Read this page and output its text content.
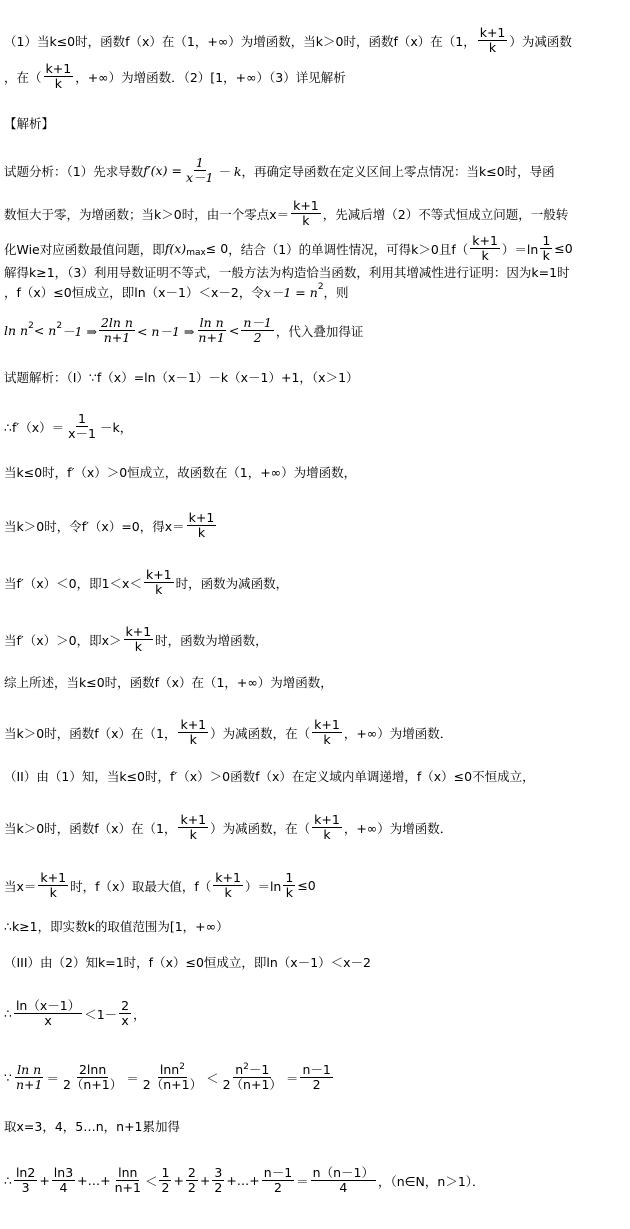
（1）当k≤0时，函数f（x）在（1，+∞）为增函数，当k＞0时，函数f（x）在（1， $\frac{k+1}{k}$ ）为减函数
，在（ $\frac{k+1}{k}$ ，+∞）为增函数．（2）[1，+∞）（3）详见解析
【解析】
试题分析：（1）先求导数 $f'(x) = \frac{1}{x-1} - k$ ，再确定导函数在定义区间上零点情况：当k≤0时，导函
数恒大于零，为增函数；当k＞0时，由一个零点$x= \frac{k+1}{k}$ ，先减后增（2）不等式恒成立问题，一般转
化Wie对应函数最值问题，即 f(x) max ≤ 0 ，结合（1）的单调性情况，可得k＞0且$f( \frac{k+1}{k} )=\ln \frac{1}{k} \le 0$
解得k≥1，（3）利用导数证明不等式，一般方法为构造恰当函数，利用其增减性进行证明：因为k=1时
，f（x）≤0恒成立，即ln（x－1）＜x－2，令 x－1 = n 2 ，则
ln n 2 < n 2 －1 ⇒ $\frac{\text{2ln n}}{n+1} < n-1$ ⇒ $\frac{\text{ln n}}{n+1} < \frac{n-1}{2}$ ，代入叠加得证
试题解析：（I）∵f（x）=ln（x－1）－k（x－1）+1，（x＞1）
∴f′（x）＝ $\frac{1}{x-1} -k$，
当k≤0时，f′（x）＞0恒成立，故函数在（1，+∞）为增函数，
当k＞0时，令f′（x）=0，得$x= \frac{k+1}{k}$
当f′（x）＜0，即$1<x< \frac{k+1}{k}$ 时，函数为减函数，
当f′（x）＞0，即$x> \frac{k+1}{k}$ 时，函数为增函数，
综上所述，当k≤0时，函数f（x）在（1，+∞）为增函数，
当k＞0时，函数f（x）在（1， $\frac{k+1}{k}$ ）为减函数，在（ $\frac{k+1}{k}$ ，+∞）为增函数．
（II）由（1）知，当k≤0时，f′（x）＞0函数f（x）在定义域内单调递增，f（x）≤0不恒成立，
当k＞0时，函数f（x）在（1， $\frac{k+1}{k}$ ）为减函数，在（ $\frac{k+1}{k}$ ，+∞）为增函数．
当$x= \frac{k+1}{k}$ 时，f（x）取最大值，$f( \frac{k+1}{k} )=\ln \frac{1}{k} \le 0$
∴k≥1，即实数k的取值范围为[1，+∞）
（III）由（2）知k=1时，f（x）≤0恒成立，即ln（x－1）＜x－2
∴ $\frac{\ln(x-1)}{x} <1- \frac{2}{x}$ ，
∵ $\frac{\text{ln n}}{n+1} = \frac{2\ln n}{2(n+1)} = \frac{\ln n^2}{2(n+1)} < \frac{n^2-1}{2(n+1)} = \frac{n-1}{2}$
取x=3，4，5…n，n+1累加得
∴ $\frac{\ln 2}{3} + \frac{\ln 3}{4}$ +…+ $\frac{\ln n}{n+1} < \frac{1}{2} + \frac{2}{2} + \frac{3}{2}$ +…+ $\frac{n-1}{2} = \frac{n(n-1)}{4}$ ，（n∈N，n＞1）．
